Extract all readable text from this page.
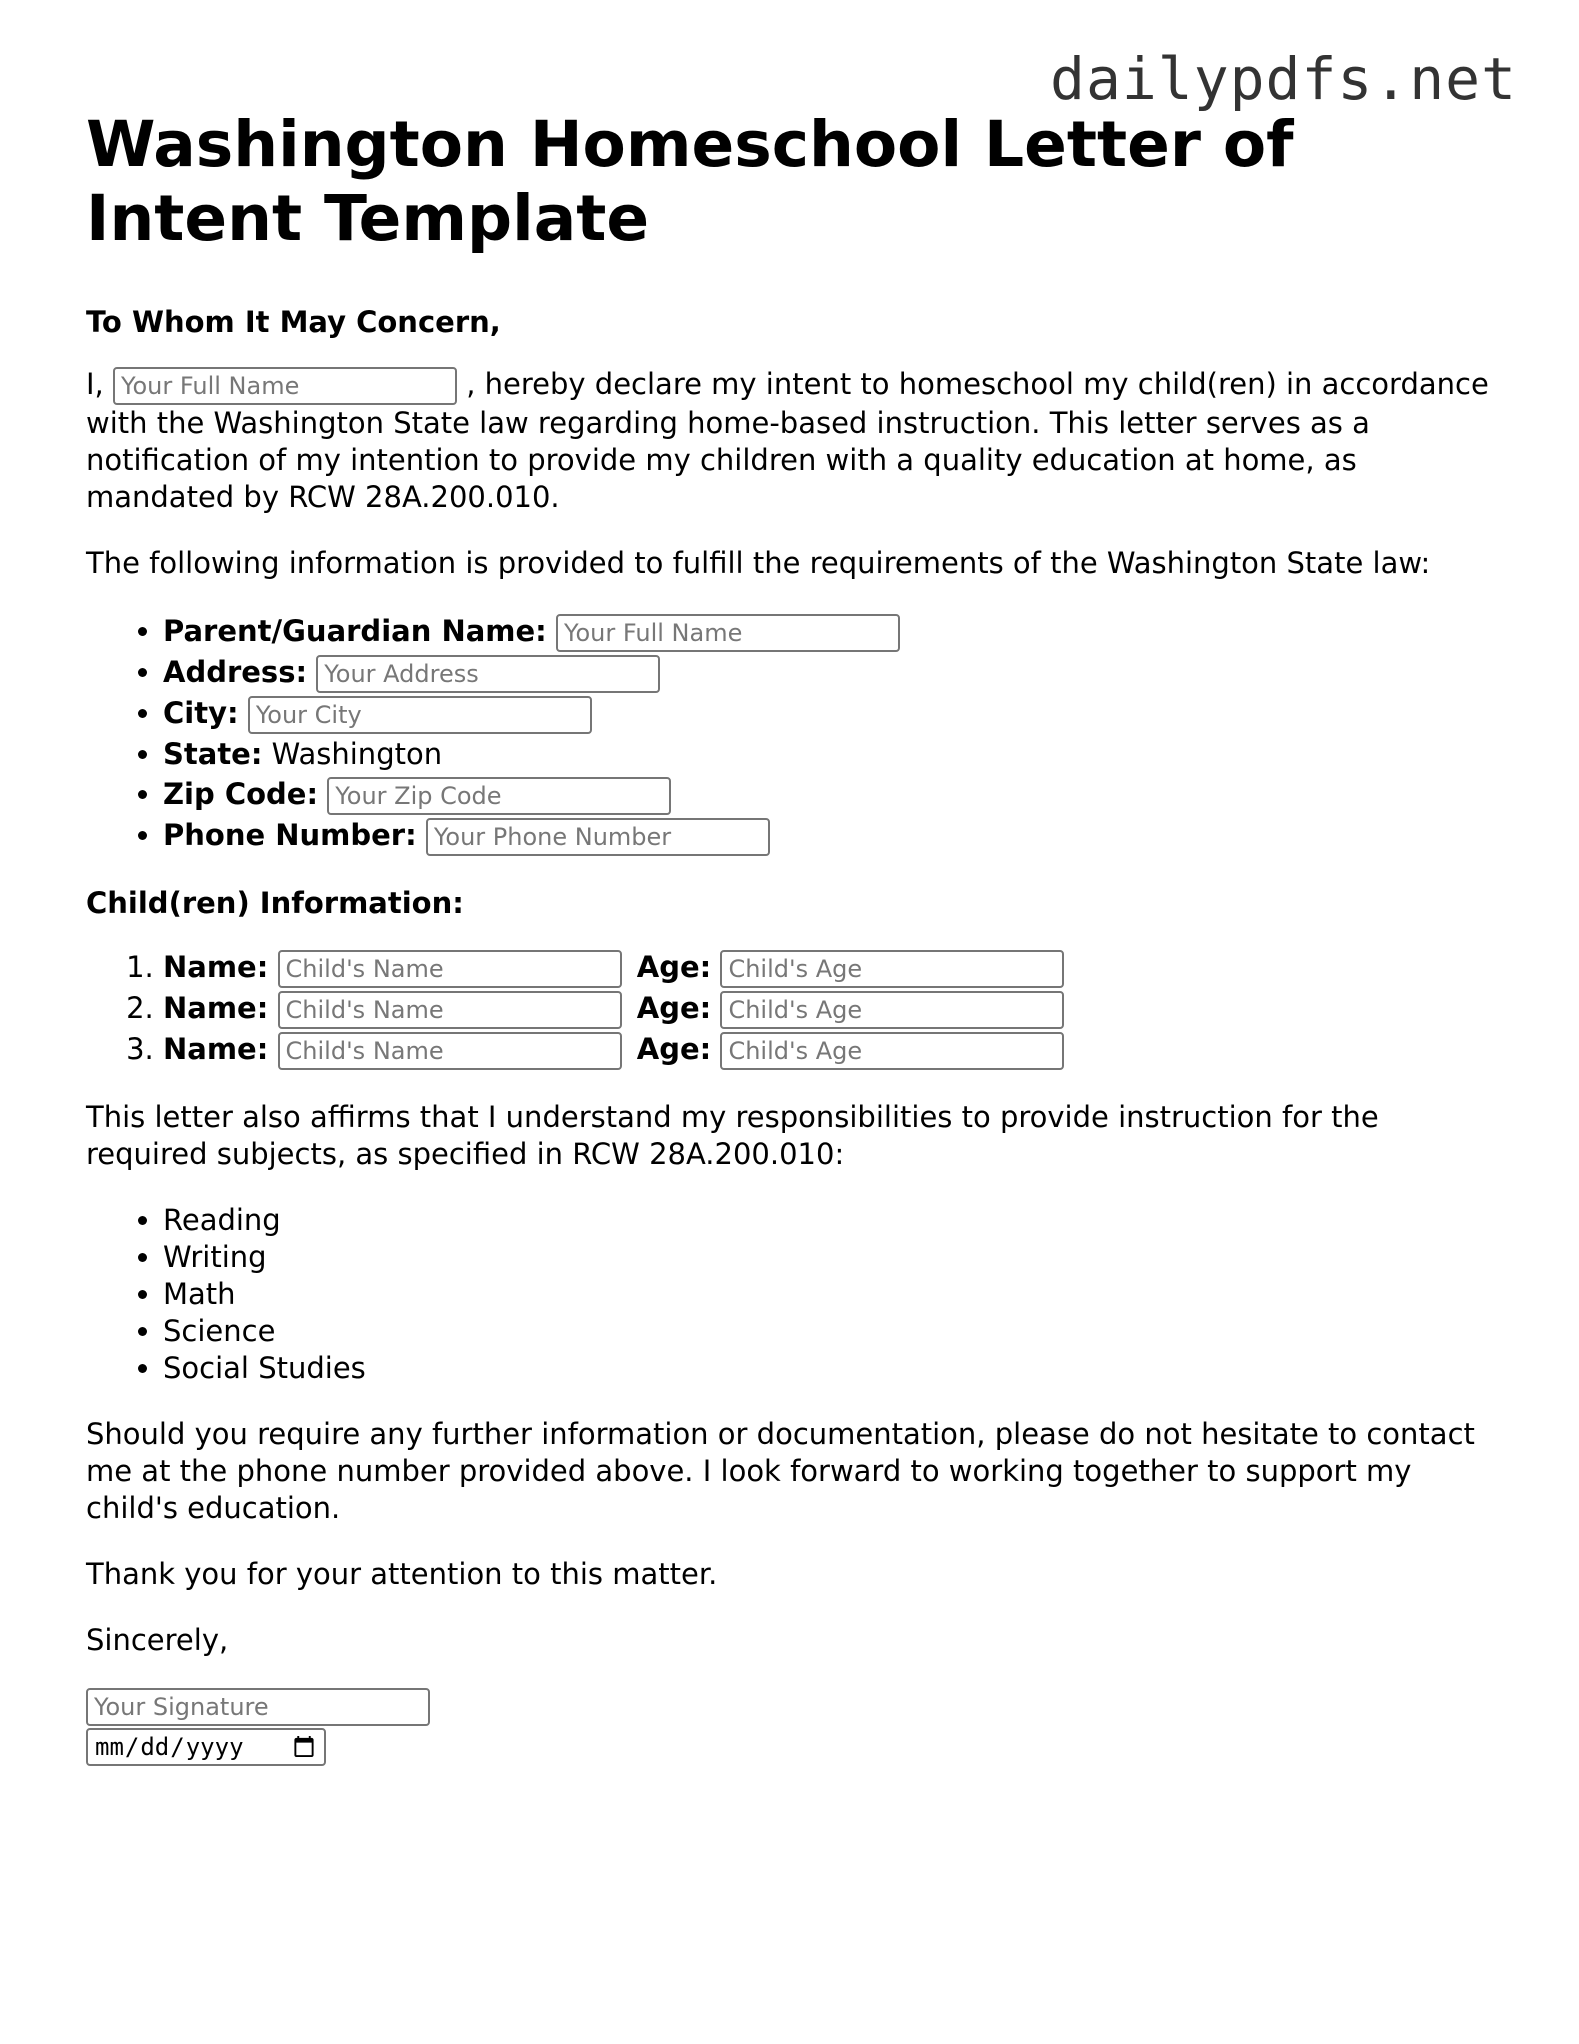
dailypdfs.net
Washington Homeschool Letter of Intent Template
To Whom It May Concern,

I, Your Full Name	, hereby declare my intent to homeschool my child(ren) in accordance with the Washington State law regarding home-based instruction. This letter serves as a notification of my intention to provide my children with a quality education at home, as mandated by RCW 28A.200.010.

The following information is provided to fulfill the requirements of the Washington State law:

• Parent/Guardian Name: Your Full Name
• Address: Your Address
• City: Your City
• State: Washington
• Zip Code: Your Zip Code
• Phone Number: Your Phone Number
Child(ren) Information:
1. Name: Child's Name	Age: Child's Age
2. Name: Child's Name	Age: Child's Age
3. Name: Child's Name	Age: Child's Age

This letter also affirms that I understand my responsibilities to provide instruction for the required subjects, as specified in RCW 28A.200.010:

• Reading
• Writing
• Math
• Science
• Social Studies

Should you require any further information or documentation, please do not hesitate to contact me at the phone number provided above. I look forward to working together to support my child's education.

Thank you for your attention to this matter.

Sincerely,

Your Signature
